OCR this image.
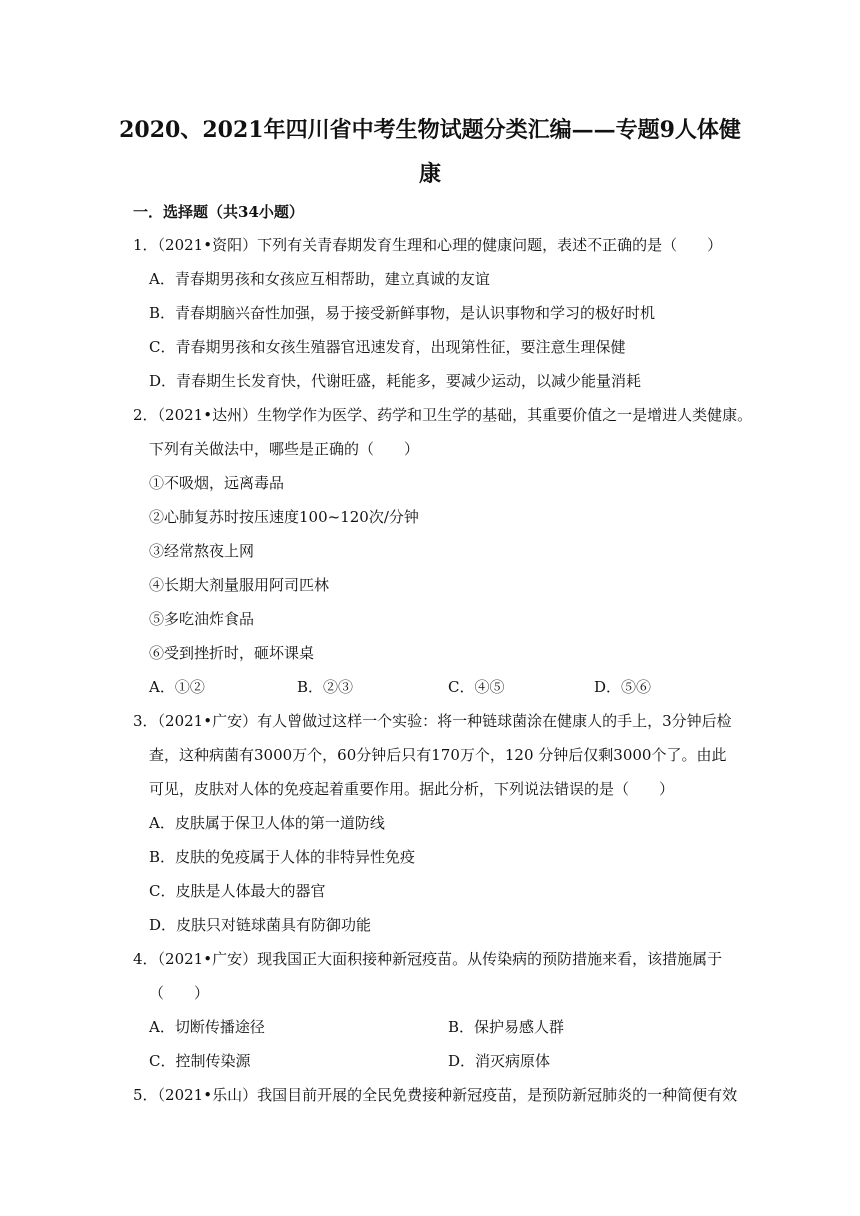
2020、2021年四川省中考生物试题分类汇编——专题9人体健
康
一．选择题（共34小题）
1．（2021•资阳）下列有关青春期发育生理和心理的健康问题，表述不正确的是（　　）
A．青春期男孩和女孩应互相帮助，建立真诚的友谊
B．青春期脑兴奋性加强，易于接受新鲜事物，是认识事物和学习的极好时机
C．青春期男孩和女孩生殖器官迅速发育，出现第性征，要注意生理保健
D．青春期生长发育快，代谢旺盛，耗能多，要减少运动，以减少能量消耗
2．（2021•达州）生物学作为医学、药学和卫生学的基础，其重要价值之一是增进人类健康。
下列有关做法中，哪些是正确的（　　）
①不吸烟，远离毒品
②心肺复苏时按压速度100~120次/分钟
③经常熬夜上网
④长期大剂量服用阿司匹林
⑤多吃油炸食品
⑥受到挫折时，砸坏课桌
A．①②	B．②③	C．④⑤	D．⑤⑥
3．（2021•广安）有人曾做过这样一个实验：将一种链球菌涂在健康人的手上，3分钟后检
查，这种病菌有3000万个，60分钟后只有170万个，120 分钟后仅剩3000个了。由此
可见，皮肤对人体的免疫起着重要作用。据此分析，下列说法错误的是（　　）
A．皮肤属于保卫人体的第一道防线
B．皮肤的免疫属于人体的非特异性免疫
C．皮肤是人体最大的器官
D．皮肤只对链球菌具有防御功能
4．（2021•广安）现我国正大面积接种新冠疫苗。从传染病的预防措施来看，该措施属于
（　　）
A．切断传播途径	B．保护易感人群
C．控制传染源	D．消灭病原体
5．（2021•乐山）我国目前开展的全民免费接种新冠疫苗，是预防新冠肺炎的一种简便有效
